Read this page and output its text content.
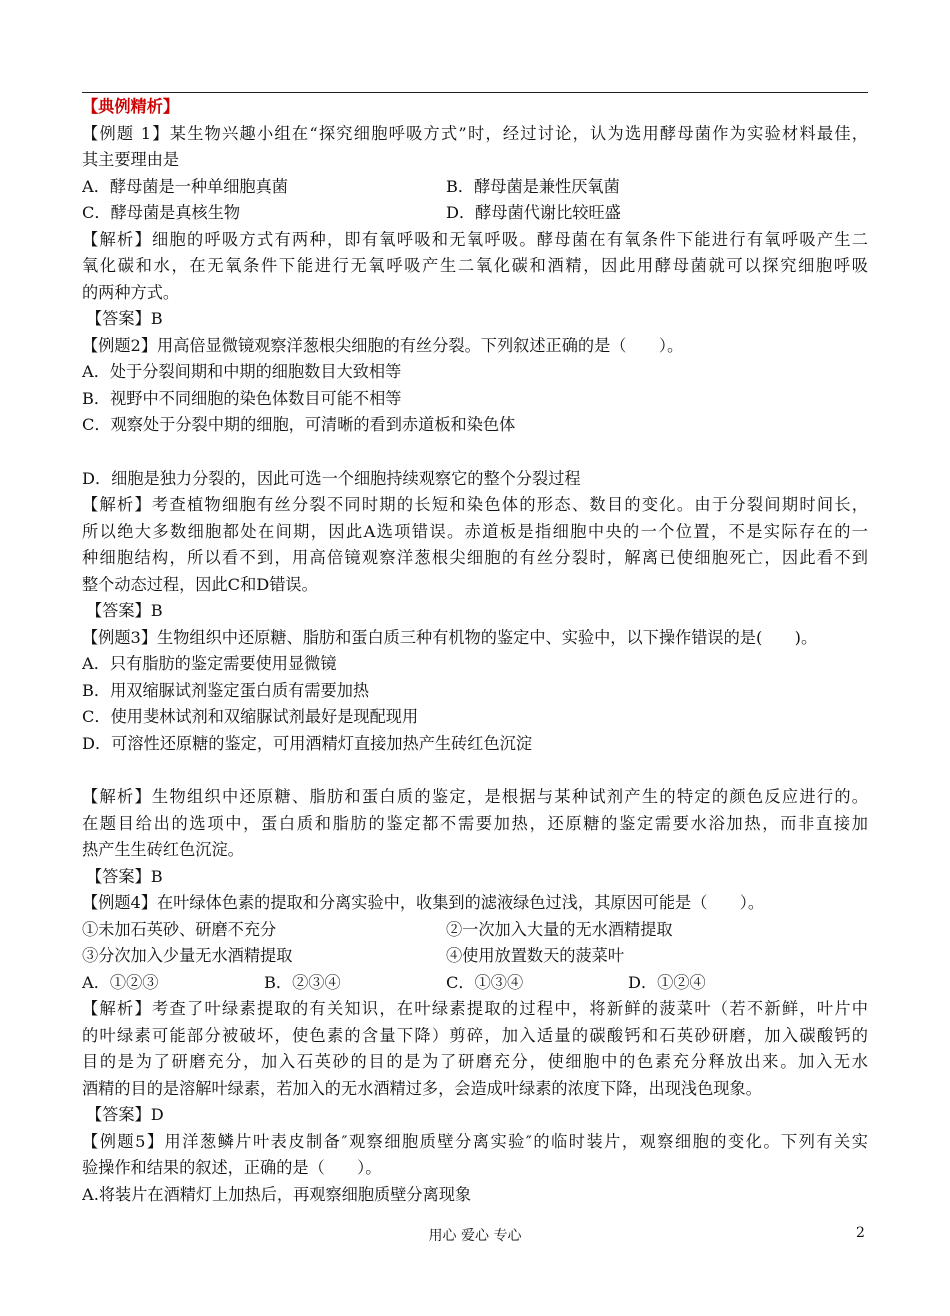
【典例精析】
【例题 1】某生物兴趣小组在“探究细胞呼吸方式”时，经过讨论，认为选用酵母菌作为实验材料最佳，
其主要理由是
A．酵母菌是一种单细胞真菌	B．酵母菌是兼性厌氧菌
C．酵母菌是真核生物	D．酵母菌代谢比较旺盛
【解析】细胞的呼吸方式有两种，即有氧呼吸和无氧呼吸。酵母菌在有氧条件下能进行有氧呼吸产生二
氧化碳和水，在无氧条件下能进行无氧呼吸产生二氧化碳和酒精，因此用酵母菌就可以探究细胞呼吸
的两种方式。
【答案】B
【例题2】用高倍显微镜观察洋葱根尖细胞的有丝分裂。下列叙述正确的是（　　）。
A．处于分裂间期和中期的细胞数目大致相等
B．视野中不同细胞的染色体数目可能不相等
C．观察处于分裂中期的细胞，可清晰的看到赤道板和染色体
D．细胞是独力分裂的，因此可选一个细胞持续观察它的整个分裂过程
【解析】考查植物细胞有丝分裂不同时期的长短和染色体的形态、数目的变化。由于分裂间期时间长，
所以绝大多数细胞都处在间期，因此A选项错误。赤道板是指细胞中央的一个位置，不是实际存在的一
种细胞结构，所以看不到，用高倍镜观察洋葱根尖细胞的有丝分裂时，解离已使细胞死亡，因此看不到
整个动态过程，因此C和D错误。
【答案】B
【例题3】生物组织中还原糖、脂肪和蛋白质三种有机物的鉴定中、实验中，以下操作错误的是(　　)。
A．只有脂肪的鉴定需要使用显微镜
B．用双缩脲试剂鉴定蛋白质有需要加热
C．使用斐林试剂和双缩脲试剂最好是现配现用
D．可溶性还原糖的鉴定，可用酒精灯直接加热产生砖红色沉淀
【解析】生物组织中还原糖、脂肪和蛋白质的鉴定，是根据与某种试剂产生的特定的颜色反应进行的。
在题目给出的选项中，蛋白质和脂肪的鉴定都不需要加热，还原糖的鉴定需要水浴加热，而非直接加
热产生生砖红色沉淀。
【答案】B
【例题4】在叶绿体色素的提取和分离实验中，收集到的滤液绿色过浅，其原因可能是（　　）。
①未加石英砂、研磨不充分	②一次加入大量的无水酒精提取
③分次加入少量无水酒精提取	④使用放置数天的菠菜叶
A．①②③	B．②③④	C．①③④	D．①②④
【解析】考查了叶绿素提取的有关知识，在叶绿素提取的过程中，将新鲜的菠菜叶（若不新鲜，叶片中
的叶绿素可能部分被破坏，使色素的含量下降）剪碎，加入适量的碳酸钙和石英砂研磨，加入碳酸钙的
目的是为了研磨充分，加入石英砂的目的是为了研磨充分，使细胞中的色素充分释放出来。加入无水
酒精的目的是溶解叶绿素，若加入的无水酒精过多，会造成叶绿素的浓度下降，出现浅色现象。
【答案】D
【例题5】用洋葱鳞片叶表皮制备″观察细胞质壁分离实验″的临时装片，观察细胞的变化。下列有关实
验操作和结果的叙述，正确的是（　　）。
A.将装片在酒精灯上加热后，再观察细胞质壁分离现象
用心 爱心 专心	2
